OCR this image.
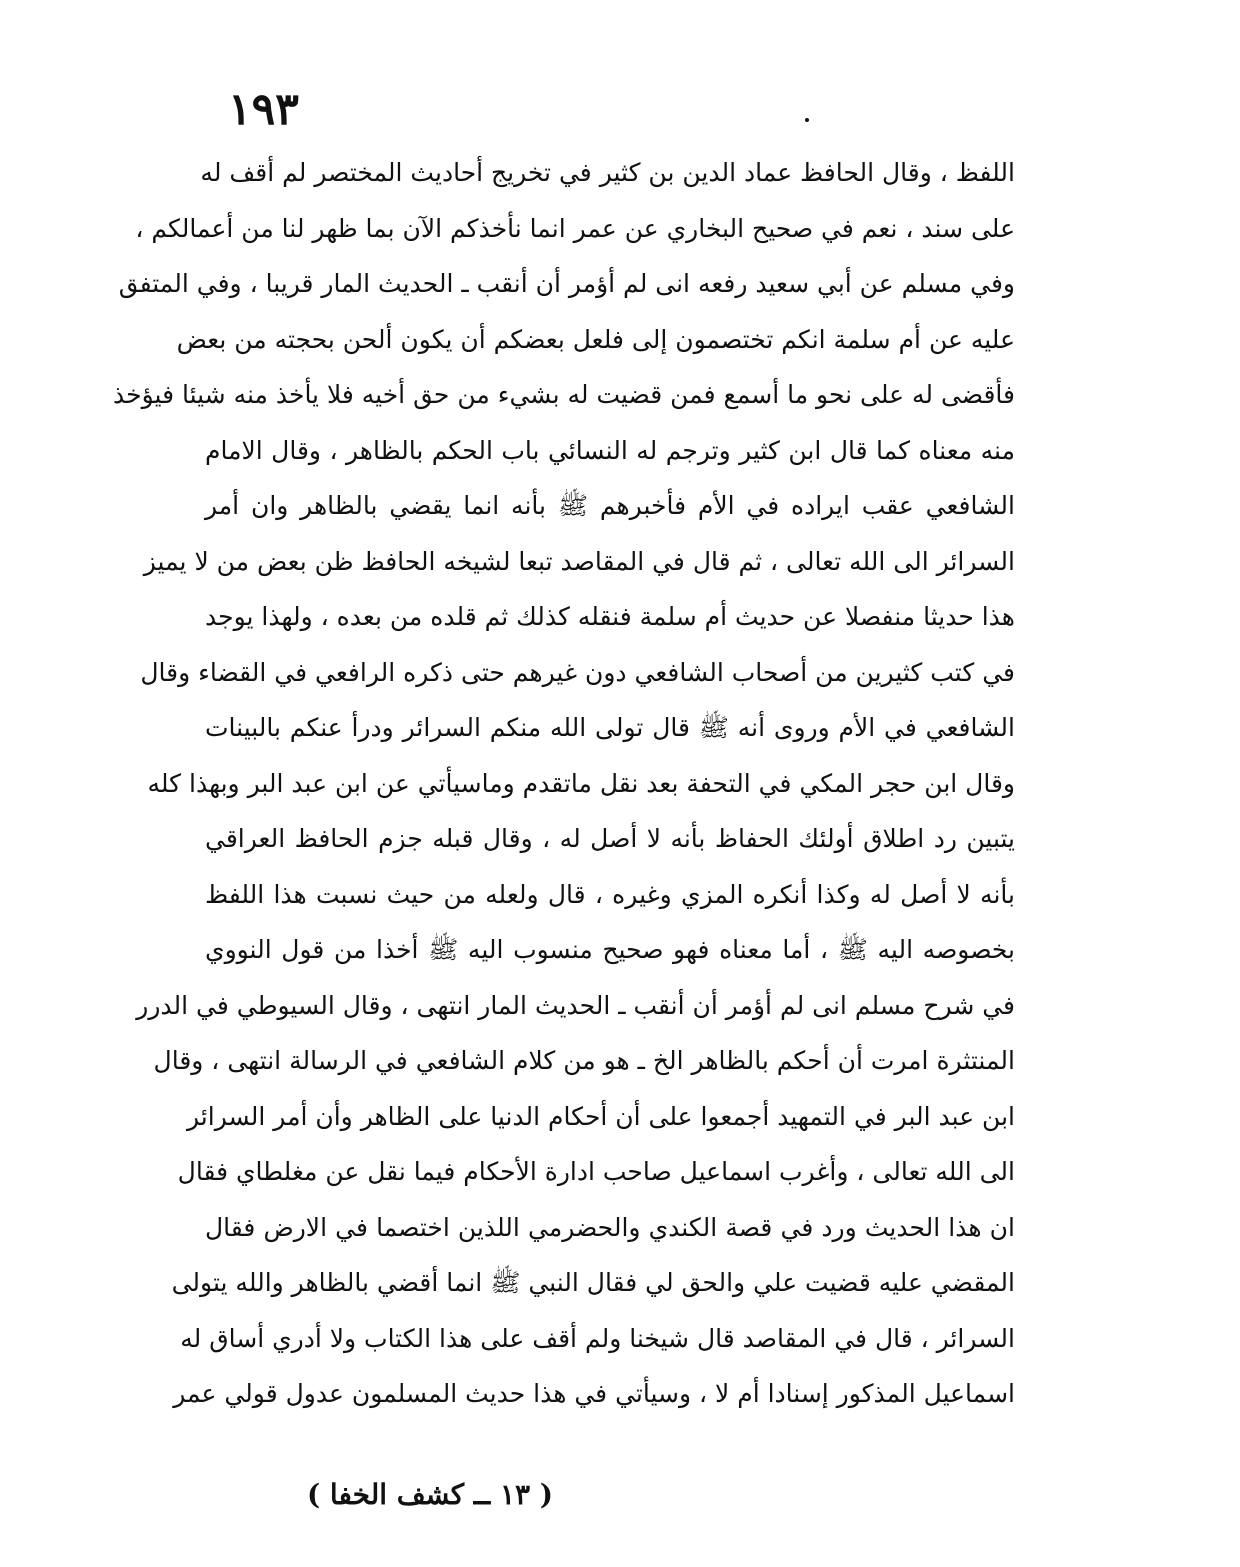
١٩٣
اللفظ ، وقال الحافظ عماد الدين بن كثير في تخريج أحاديث المختصر لم أقف له
على سند ، نعم في صحيح البخاري عن عمر انما نأخذكم الآن بما ظهر لنا من أعمالكم ،
وفي مسلم عن أبي سعيد رفعه انى لم أؤمر أن أنقب ـ الحديث المار قريبا ، وفي المتفق
عليه عن أم سلمة انكم تختصمون إلى فلعل بعضكم أن يكون ألحن بحجته من بعض
فأقضى له على نحو ما أسمع فمن قضيت له بشيء من حق أخيه فلا يأخذ منه شيئا فيؤخذ
منه معناه كما قال ابن كثير وترجم له النسائي باب الحكم بالظاهر ، وقال الامام
الشافعي عقب ايراده في الأم فأخبرهم ﷺ بأنه انما يقضي بالظاهر وان أمر
السرائر الى الله تعالى ، ثم قال في المقاصد تبعا لشيخه الحافظ ظن بعض من لا يميز
هذا حديثا منفصلا عن حديث أم سلمة فنقله كذلك ثم قلده من بعده ، ولهذا يوجد
في كتب كثيرين من أصحاب الشافعي دون غيرهم حتى ذكره الرافعي في القضاء وقال
الشافعي في الأم وروى أنه ﷺ قال تولى الله منكم السرائر ودرأ عنكم بالبينات
وقال ابن حجر المكي في التحفة بعد نقل ماتقدم وماسيأتي عن ابن عبد البر وبهذا كله
يتبين رد اطلاق أولئك الحفاظ بأنه لا أصل له ، وقال قبله جزم الحافظ العراقي
بأنه لا أصل له وكذا أنكره المزي وغيره ، قال ولعله من حيث نسبت هذا اللفظ
بخصوصه اليه ﷺ ، أما معناه فهو صحيح منسوب اليه ﷺ أخذا من قول النووي
في شرح مسلم انى لم أؤمر أن أنقب ـ الحديث المار انتهى ، وقال السيوطي في الدرر
المنتثرة امرت أن أحكم بالظاهر الخ ـ هو من كلام الشافعي في الرسالة انتهى ، وقال
ابن عبد البر في التمهيد أجمعوا على أن أحكام الدنيا على الظاهر وأن أمر السرائر
الى الله تعالى ، وأغرب اسماعيل صاحب ادارة الأحكام فيما نقل عن مغلطاي فقال
ان هذا الحديث ورد في قصة الكندي والحضرمي اللذين اختصما في الارض فقال
المقضي عليه قضيت علي والحق لي فقال النبي ﷺ انما أقضي بالظاهر والله يتولى
السرائر ، قال في المقاصد قال شيخنا ولم أقف على هذا الكتاب ولا أدري أساق له
اسماعيل المذكور إسنادا أم لا ، وسيأتي في هذا حديث المسلمون عدول قولي عمر
( ١٣ ــ كشف الخفا )
